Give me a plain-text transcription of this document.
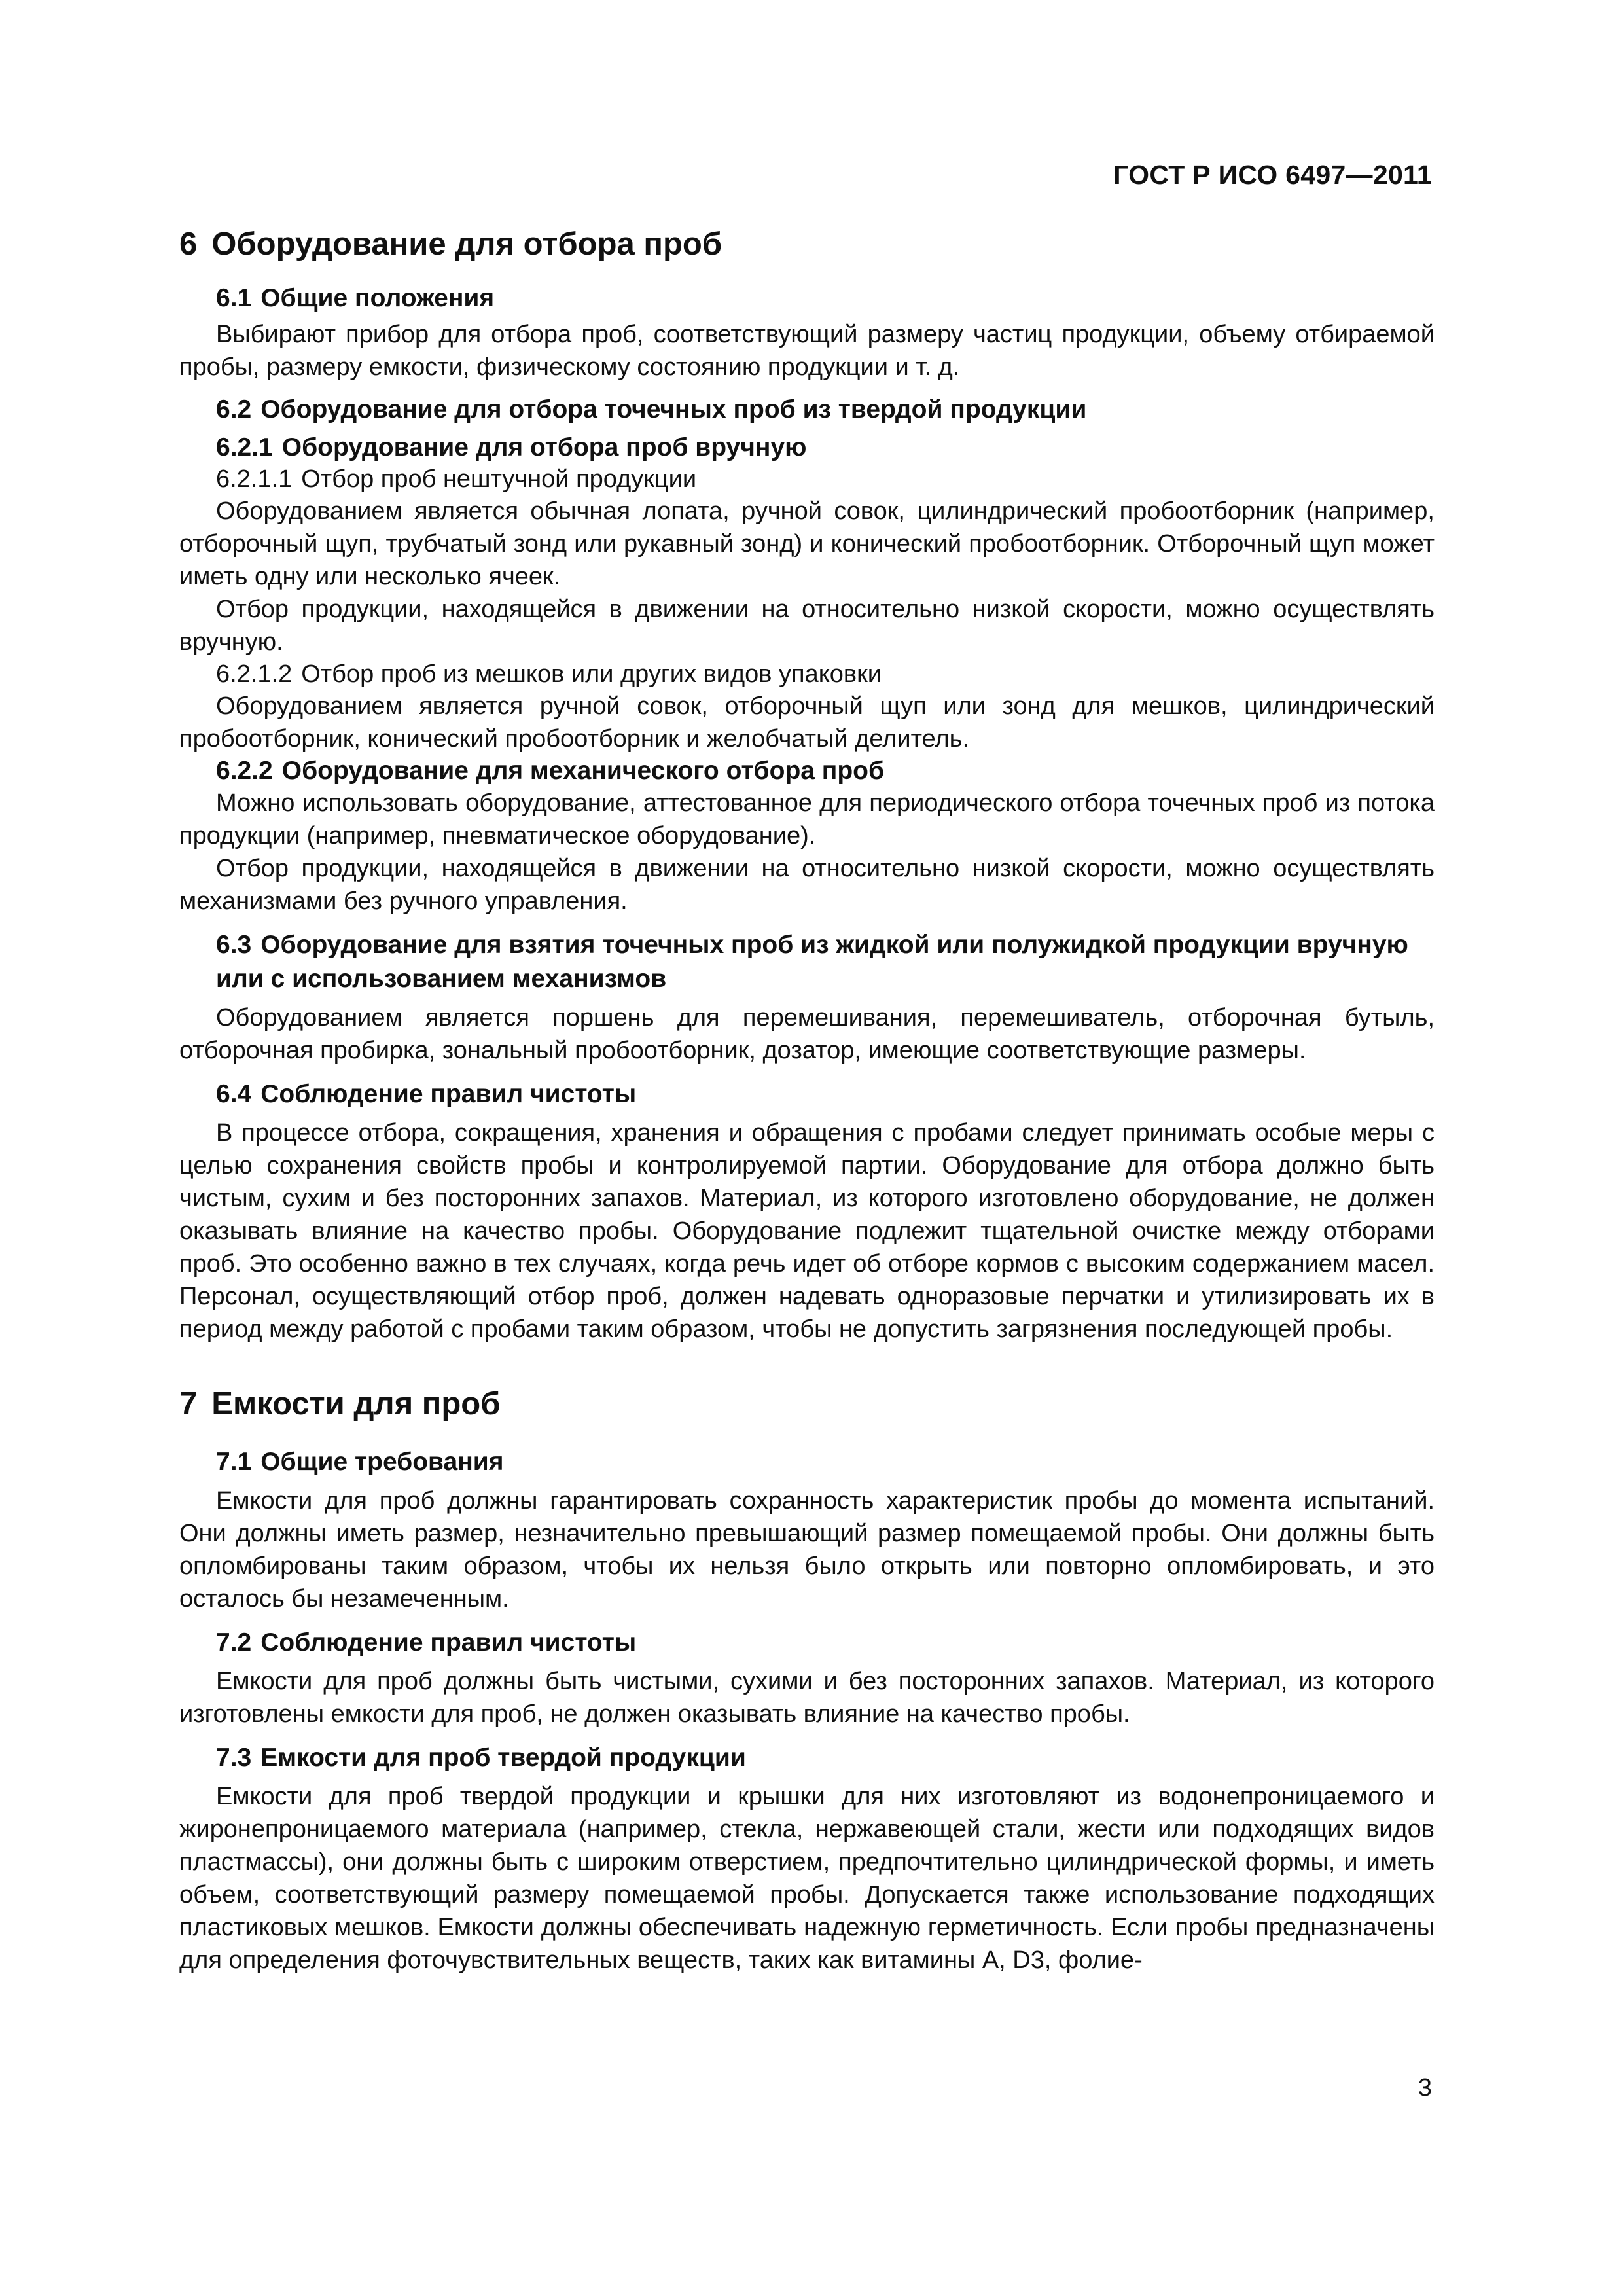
ГОСТ Р ИСО 6497—2011
6 Оборудование для отбора проб
6.1 Общие положения

Выбирают прибор для отбора проб, соответствующий размеру частиц продукции, объему отбираемой пробы, размеру емкости, физическому состоянию продукции и т. д.

6.2 Оборудование для отбора точечных проб из твердой продукции
6.2.1 Оборудование для отбора проб вручную
6.2.1.1 Отбор проб нештучной продукции

Оборудованием является обычная лопата, ручной совок, цилиндрический пробоотборник (например, отборочный щуп, трубчатый зонд или рукавный зонд) и конический пробоотборник. Отборочный щуп может иметь одну или несколько ячеек.

Отбор продукции, находящейся в движении на относительно низкой скорости, можно осуществлять вручную.

6.2.1.2 Отбор проб из мешков или других видов упаковки

Оборудованием является ручной совок, отборочный щуп или зонд для мешков, цилиндрический пробоотборник, конический пробоотборник и желобчатый делитель.

6.2.2 Оборудование для механического отбора проб

Можно использовать оборудование, аттестованное для периодического отбора точечных проб из потока продукции (например, пневматическое оборудование).

Отбор продукции, находящейся в движении на относительно низкой скорости, можно осуществлять механизмами без ручного управления.

6.3 Оборудование для взятия точечных проб из жидкой или полужидкой продукции вручную или с использованием механизмов

Оборудованием является поршень для перемешивания, перемешиватель, отборочная бутыль, отборочная пробирка, зональный пробоотборник, дозатор, имеющие соответствующие размеры.

6.4 Соблюдение правил чистоты

В процессе отбора, сокращения, хранения и обращения с пробами следует принимать особые меры с целью сохранения свойств пробы и контролируемой партии. Оборудование для отбора должно быть чистым, сухим и без посторонних запахов. Материал, из которого изготовлено оборудование, не должен оказывать влияние на качество пробы. Оборудование подлежит тщательной очистке между отборами проб. Это особенно важно в тех случаях, когда речь идет об отборе кормов с высоким содержанием масел. Персонал, осуществляющий отбор проб, должен надевать одноразовые перчатки и утилизировать их в период между работой с пробами таким образом, чтобы не допустить загрязнения последующей пробы.

7 Емкости для проб
7.1 Общие требования

Емкости для проб должны гарантировать сохранность характеристик пробы до момента испытаний. Они должны иметь размер, незначительно превышающий размер помещаемой пробы. Они должны быть опломбированы таким образом, чтобы их нельзя было открыть или повторно опломбировать, и это осталось бы незамеченным.

7.2 Соблюдение правил чистоты

Емкости для проб должны быть чистыми, сухими и без посторонних запахов. Материал, из которого изготовлены емкости для проб, не должен оказывать влияние на качество пробы.

7.3 Емкости для проб твердой продукции

Емкости для проб твердой продукции и крышки для них изготовляют из водонепроницаемого и жиронепроницаемого материала (например, стекла, нержавеющей стали, жести или подходящих видов пластмассы), они должны быть с широким отверстием, предпочтительно цилиндрической формы, и иметь объем, соответствующий размеру помещаемой пробы. Допускается также использование подходящих пластиковых мешков. Емкости должны обеспечивать надежную герметичность. Если пробы предназначены для определения фоточувствительных веществ, таких как витамины А, D3, фолие-

3
